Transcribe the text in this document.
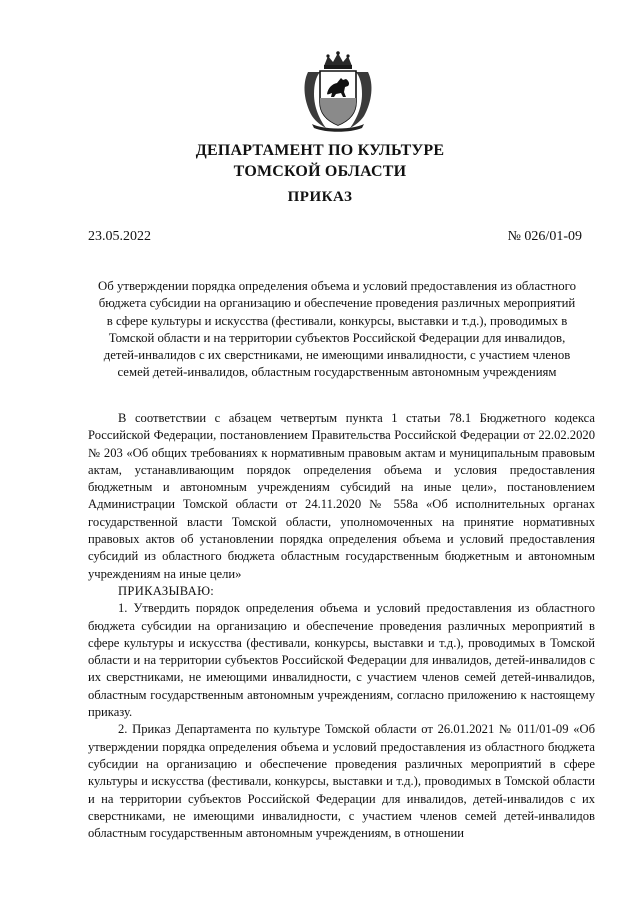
ДЕПАРТАМЕНТ ПО КУЛЬТУРЕ
ТОМСКОЙ ОБЛАСТИ
ПРИКАЗ
23.05.2022	№ 026/01-09
Об утверждении порядка определения объема и условий предоставления из областного бюджета субсидии на организацию и обеспечение проведения различных мероприятий в сфере культуры и искусства (фестивали, конкурсы, выставки и т.д.), проводимых в Томской области и на территории субъектов Российской Федерации для инвалидов, детей-инвалидов с их сверстниками, не имеющими инвалидности, с участием членов семей детей-инвалидов, областным государственным автономным учреждениям

В соответствии с абзацем четвертым пункта 1 статьи 78.1 Бюджетного кодекса Российской Федерации, постановлением Правительства Российской Федерации от 22.02.2020 № 203 «Об общих требованиях к нормативным правовым актам и муниципальным правовым актам, устанавливающим порядок определения объема и условия предоставления бюджетным и автономным учреждениям субсидий на иные цели», постановлением Администрации Томской области от 24.11.2020 № 558а «Об исполнительных органах государственной власти Томской области, уполномоченных на принятие нормативных правовых актов об установлении порядка определения объема и условий предоставления субсидий из областного бюджета областным государственным бюджетным и автономным учреждениям на иные цели»

ПРИКАЗЫВАЮ:

1. Утвердить порядок определения объема и условий предоставления из областного бюджета субсидии на организацию и обеспечение проведения различных мероприятий в сфере культуры и искусства (фестивали, конкурсы, выставки и т.д.), проводимых в Томской области и на территории субъектов Российской Федерации для инвалидов, детей-инвалидов с их сверстниками, не имеющими инвалидности, с участием членов семей детей-инвалидов, областным государственным автономным учреждениям, согласно приложению к настоящему приказу.

2. Приказ Департамента по культуре Томской области от 26.01.2021 № 011/01-09 «Об утверждении порядка определения объема и условий предоставления из областного бюджета субсидии на организацию и обеспечение проведения различных мероприятий в сфере культуры и искусства (фестивали, конкурсы, выставки и т.д.), проводимых в Томской области и на территории субъектов Российской Федерации для инвалидов, детей-инвалидов с их сверстниками, не имеющими инвалидности, с участием членов семей детей-инвалидов областным государственным автономным учреждениям, в отношении
